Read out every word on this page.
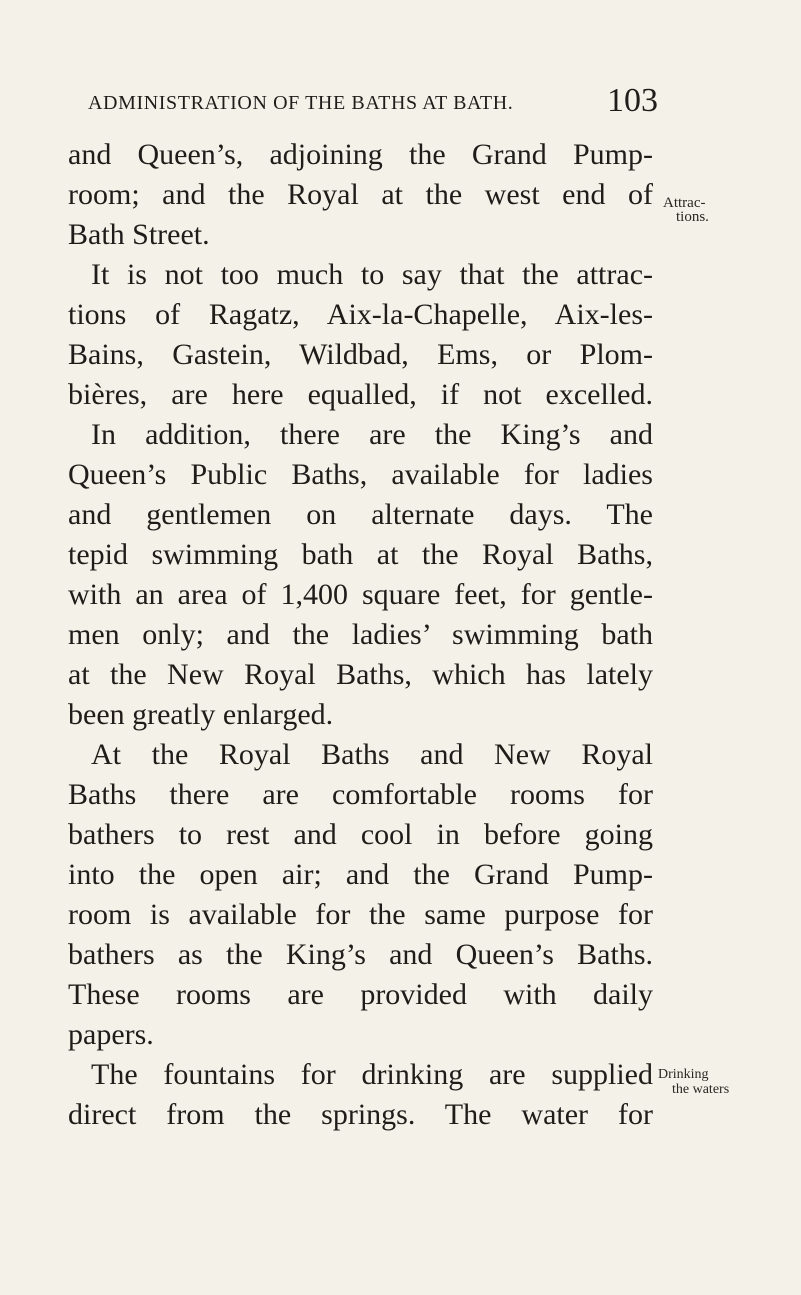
ADMINISTRATION OF THE BATHS AT BATH.	103
and Queen’s, adjoining the Grand Pump-
room; and the Royal at the west end of
Bath Street.
It is not too much to say that the attrac-
tions of Ragatz, Aix-la-Chapelle, Aix-les-
Bains, Gastein, Wildbad, Ems, or Plom-
bières, are here equalled, if not excelled.
In addition, there are the King’s and
Queen’s Public Baths, available for ladies
and gentlemen on alternate days. The
tepid swimming bath at the Royal Baths,
with an area of 1,400 square feet, for gentle-
men only; and the ladies’ swimming bath
at the New Royal Baths, which has lately
been greatly enlarged.
At the Royal Baths and New Royal
Baths there are comfortable rooms for
bathers to rest and cool in before going
into the open air; and the Grand Pump-
room is available for the same purpose for
bathers as the King’s and Queen’s Baths.
These rooms are provided with daily
papers.
The fountains for drinking are supplied
direct from the springs. The water for
Attrac-
tions.
Drinking
the waters
